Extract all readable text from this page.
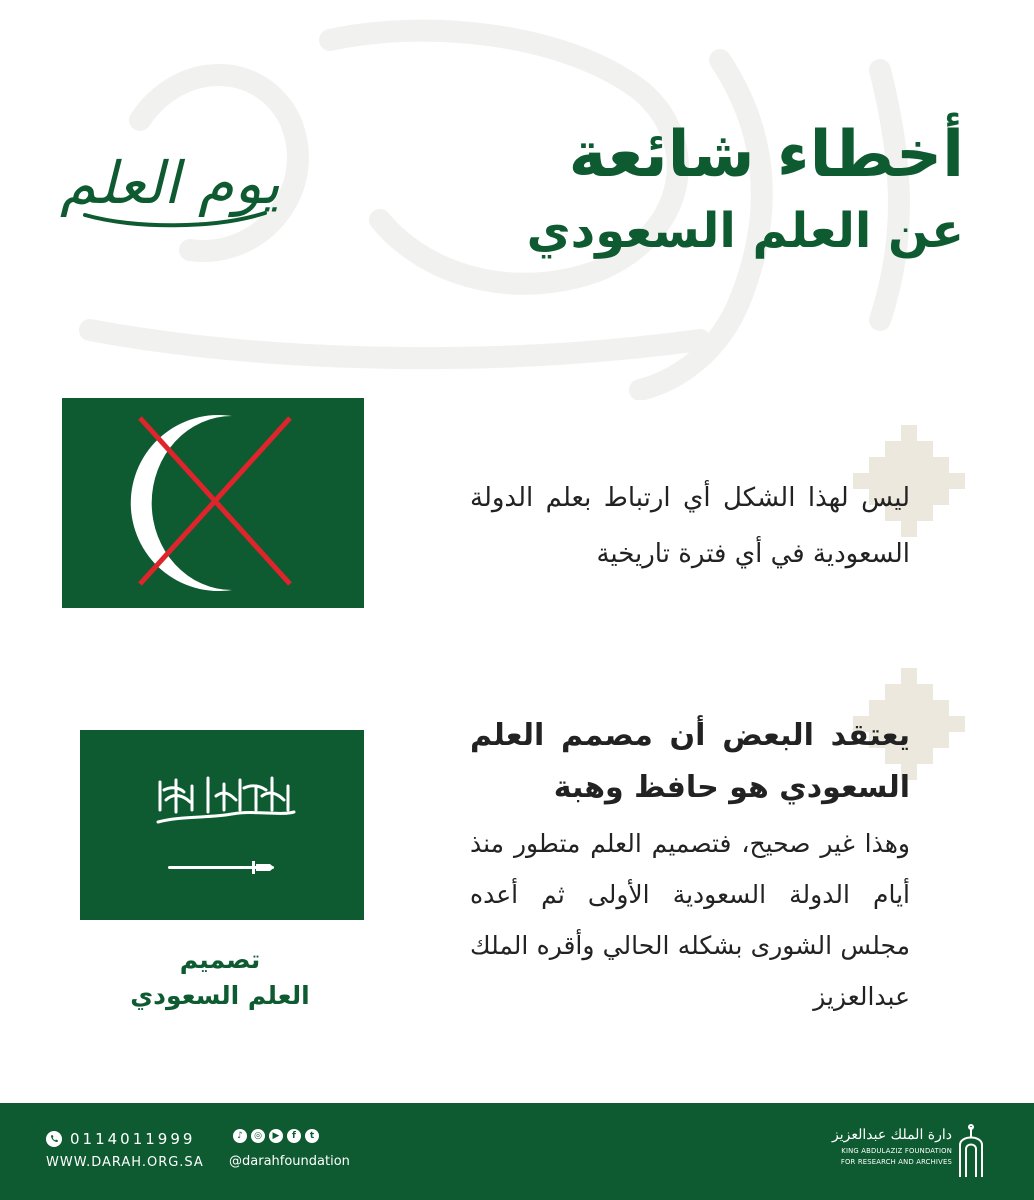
أخطاء شائعة
عن العلم السعودي
يوم العلم

ليس لهذا الشكل أي ارتباط بعلم الدولة السعودية في أي فترة تاريخية

يعتقد البعض أن مصمم العلم السعودي هو حافظ وهبة

وهذا غير صحيح، فتصميم العلم متطور منذ أيام الدولة السعودية الأولى ثم أعده مجلس الشورى بشكله الحالي وأقره الملك عبدالعزيز

تصميم
العلم السعودي
0114011999
WWW.DARAH.ORG.SA
♪	◎	▶	f	t
@darahfoundation
دارة الملك عبدالعزيز
KING ABDULAZIZ FOUNDATION
FOR RESEARCH AND ARCHIVES
